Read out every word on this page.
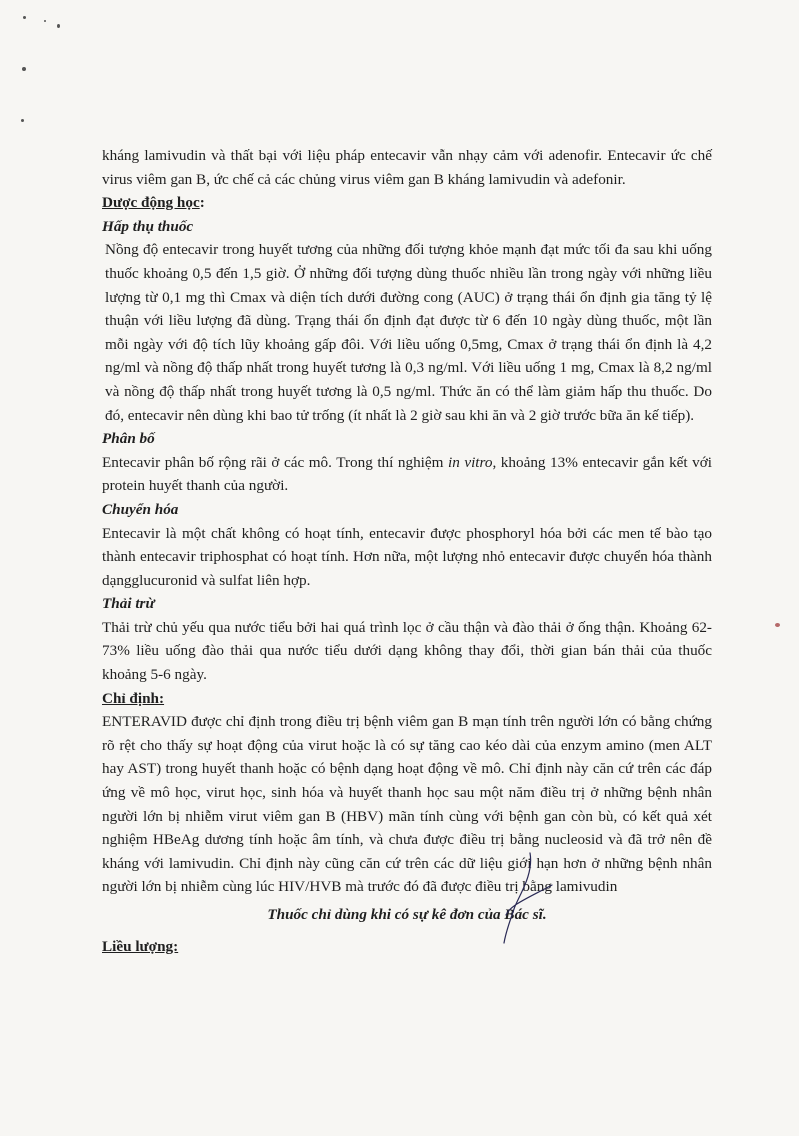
kháng lamivudin và thất bại với liệu pháp entecavir vẫn nhạy cảm với adenofir. Entecavir ức chế virus viêm gan B, ức chế cả các chủng virus viêm gan B kháng lamivudin và adefonir.

Dược động học:

Hấp thụ thuốc

Nồng độ entecavir trong huyết tương của những đối tượng khỏe mạnh đạt mức tối đa sau khi uống thuốc khoảng 0,5 đến 1,5 giờ. Ở những đối tượng dùng thuốc nhiều lần trong ngày với những liều lượng từ 0,1 mg thì Cmax và diện tích dưới đường cong (AUC) ở trạng thái ổn định gia tăng tỷ lệ thuận với liều lượng đã dùng. Trạng thái ổn định đạt được từ 6 đến 10 ngày dùng thuốc, một lần mỗi ngày với độ tích lũy khoảng gấp đôi. Với liều uống 0,5mg, Cmax ở trạng thái ổn định là 4,2 ng/ml và nồng độ thấp nhất trong huyết tương là 0,3 ng/ml. Với liều uống 1 mg, Cmax là 8,2 ng/ml và nồng độ thấp nhất trong huyết tương là 0,5 ng/ml. Thức ăn có thể làm giảm hấp thu thuốc. Do đó, entecavir nên dùng khi bao tử trống (ít nhất là 2 giờ sau khi ăn và 2 giờ trước bữa ăn kế tiếp).

Phân bố

Entecavir phân bố rộng rãi ở các mô. Trong thí nghiệm in vitro, khoảng 13% entecavir gắn kết với protein huyết thanh của người.

Chuyển hóa

Entecavir là một chất không có hoạt tính, entecavir được phosphoryl hóa bởi các men tế bào tạo thành entecavir triphosphat có hoạt tính. Hơn nữa, một lượng nhỏ entecavir được chuyển hóa thành dạngglucuronid và sulfat liên hợp.

Thải trừ

Thải trừ chủ yếu qua nước tiểu bởi hai quá trình lọc ở cầu thận và đào thải ở ống thận. Khoảng 62-73% liều uống đào thải qua nước tiểu dưới dạng không thay đổi, thời gian bán thải của thuốc khoảng 5-6 ngày.

Chỉ định:

ENTERAVID được chỉ định trong điều trị bệnh viêm gan B mạn tính trên người lớn có bằng chứng rõ rệt cho thấy sự hoạt động của virut hoặc là có sự tăng cao kéo dài của enzym amino (men ALT hay AST) trong huyết thanh hoặc có bệnh dạng hoạt động về mô. Chỉ định này căn cứ trên các đáp ứng về mô học, virut học, sinh hóa và huyết thanh học sau một năm điều trị ở những bệnh nhân người lớn bị nhiễm virut viêm gan B (HBV) mãn tính cùng với bệnh gan còn bù, có kết quả xét nghiệm HBeAg dương tính hoặc âm tính, và chưa được điều trị bằng nucleosid và đã trở nên đề kháng với lamivudin. Chỉ định này cũng căn cứ trên các dữ liệu giới hạn hơn ở những bệnh nhân người lớn bị nhiễm cùng lúc HIV/HVB mà trước đó đã được điều trị bằng lamivudin

Thuốc chỉ dùng khi có sự kê đơn của Bác sĩ.

Liều lượng:
